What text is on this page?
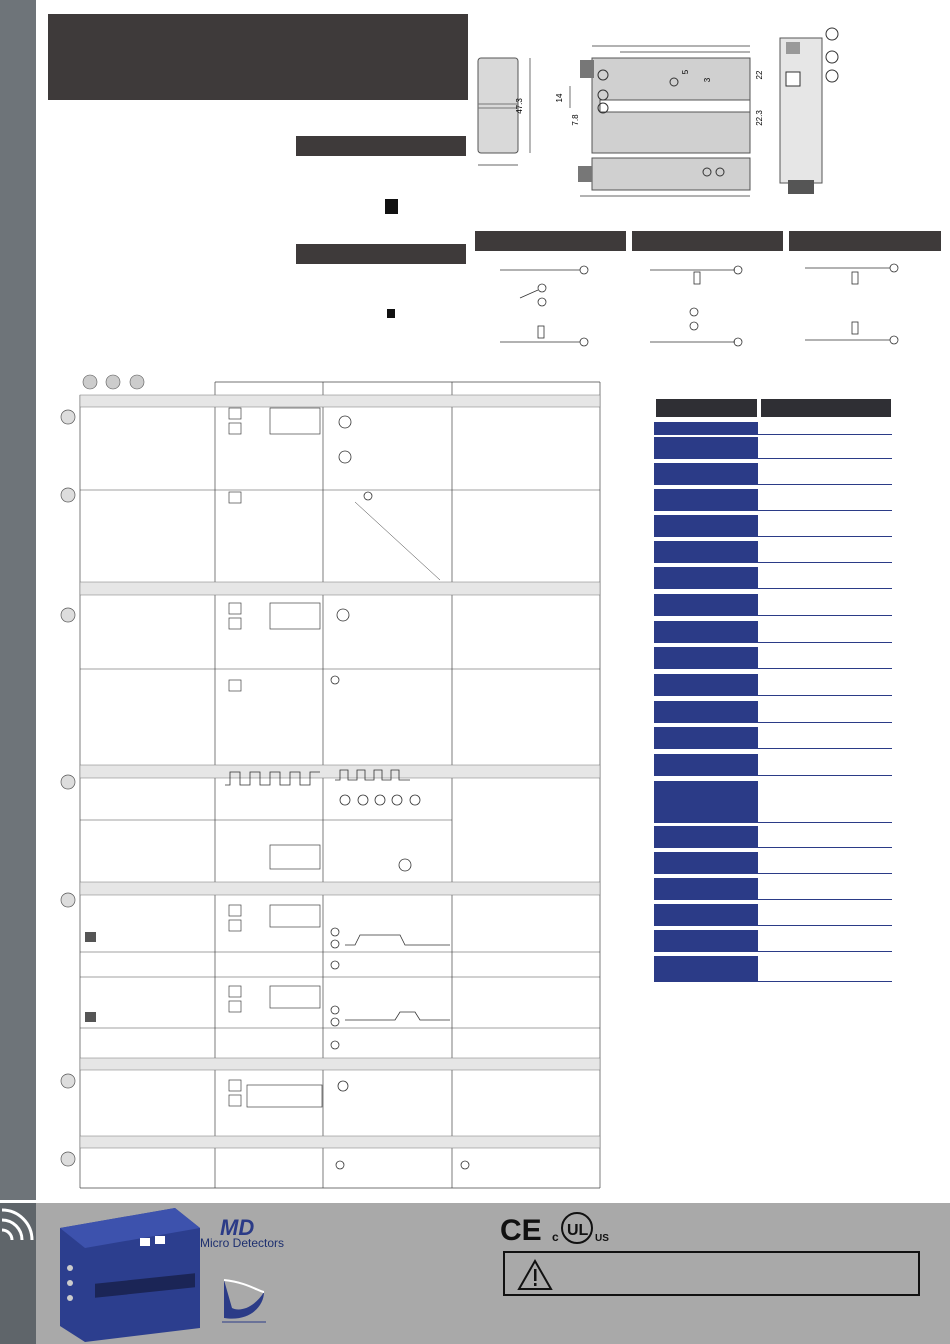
47.3
14
7.8
5
3
22
22.3
MD
Micro Detectors	CE c UL US
